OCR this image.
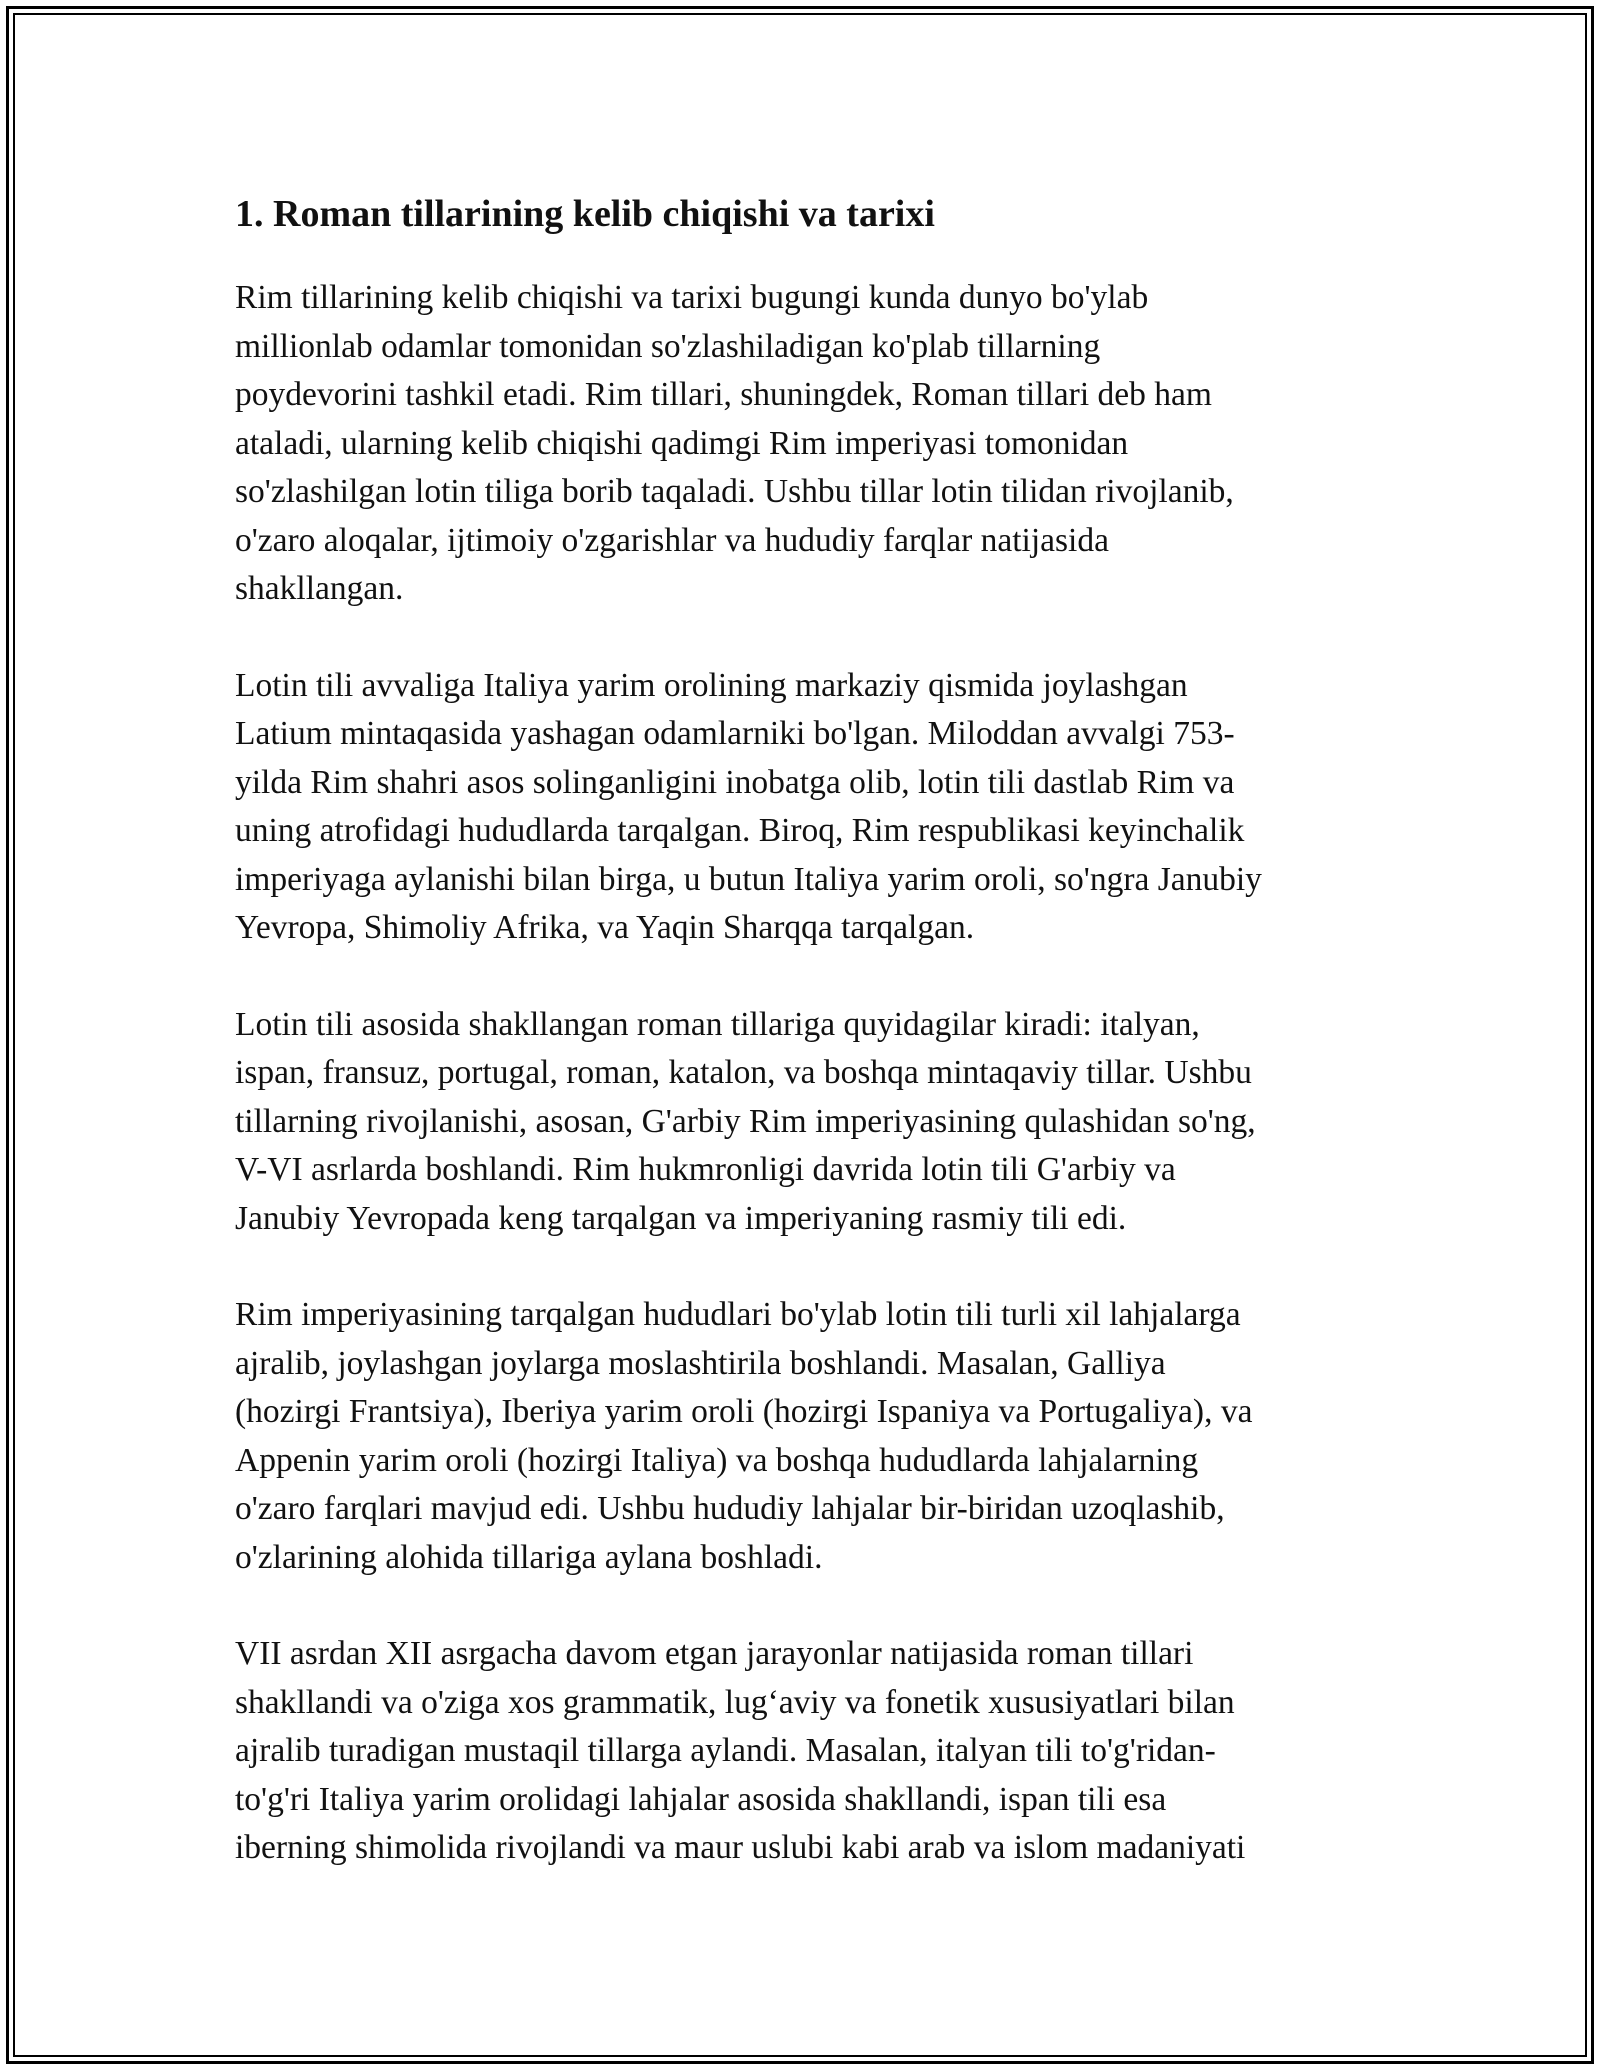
1. Roman tillarining kelib chiqishi va tarixi

Rim tillarining kelib chiqishi va tarixi bugungi kunda dunyo bo'ylab
millionlab odamlar tomonidan so'zlashiladigan ko'plab tillarning
poydevorini tashkil etadi. Rim tillari, shuningdek, Roman tillari deb ham
ataladi, ularning kelib chiqishi qadimgi Rim imperiyasi tomonidan
so'zlashilgan lotin tiliga borib taqaladi. Ushbu tillar lotin tilidan rivojlanib,
o'zaro aloqalar, ijtimoiy o'zgarishlar va hududiy farqlar natijasida
shakllangan.

Lotin tili avvaliga Italiya yarim orolining markaziy qismida joylashgan
Latium mintaqasida yashagan odamlarniki bo'lgan. Miloddan avvalgi 753-
yilda Rim shahri asos solinganligini inobatga olib, lotin tili dastlab Rim va
uning atrofidagi hududlarda tarqalgan. Biroq, Rim respublikasi keyinchalik
imperiyaga aylanishi bilan birga, u butun Italiya yarim oroli, so'ngra Janubiy
Yevropa, Shimoliy Afrika, va Yaqin Sharqqa tarqalgan.

Lotin tili asosida shakllangan roman tillariga quyidagilar kiradi: italyan,
ispan, fransuz, portugal, roman, katalon, va boshqa mintaqaviy tillar. Ushbu
tillarning rivojlanishi, asosan, G'arbiy Rim imperiyasining qulashidan so'ng,
V-VI asrlarda boshlandi. Rim hukmronligi davrida lotin tili G'arbiy va
Janubiy Yevropada keng tarqalgan va imperiyaning rasmiy tili edi.

Rim imperiyasining tarqalgan hududlari bo'ylab lotin tili turli xil lahjalarga
ajralib, joylashgan joylarga moslashtirila boshlandi. Masalan, Galliya
(hozirgi Frantsiya), Iberiya yarim oroli (hozirgi Ispaniya va Portugaliya), va
Appenin yarim oroli (hozirgi Italiya) va boshqa hududlarda lahjalarning
o'zaro farqlari mavjud edi. Ushbu hududiy lahjalar bir-biridan uzoqlashib,
o'zlarining alohida tillariga aylana boshladi.

VII asrdan XII asrgacha davom etgan jarayonlar natijasida roman tillari
shakllandi va o'ziga xos grammatik, lug‘aviy va fonetik xususiyatlari bilan
ajralib turadigan mustaqil tillarga aylandi. Masalan, italyan tili to'g'ridan-
to'g'ri Italiya yarim orolidagi lahjalar asosida shakllandi, ispan tili esa
iberning shimolida rivojlandi va maur uslubi kabi arab va islom madaniyati
